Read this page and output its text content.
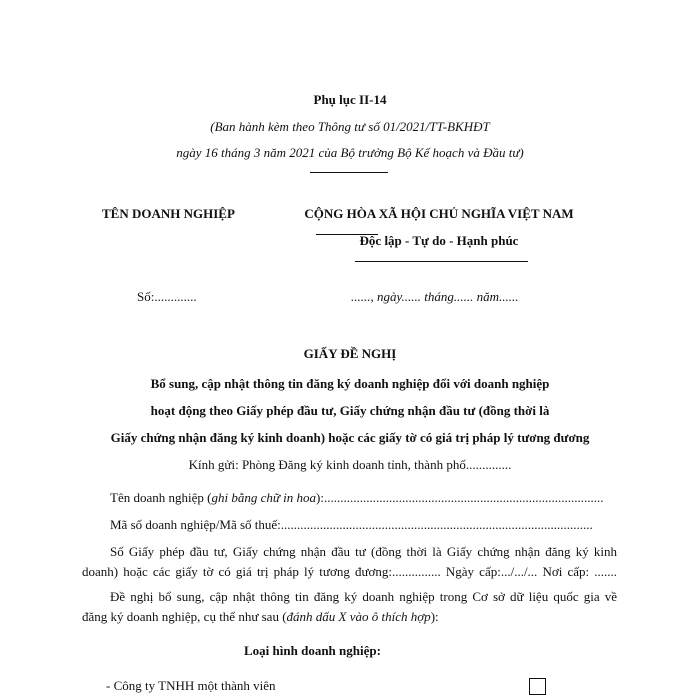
Phụ lục II-14
(Ban hành kèm theo Thông tư số 01/2021/TT-BKHĐT
ngày 16 tháng 3 năm 2021 của Bộ trưởng Bộ Kế hoạch và Đầu tư)
TÊN DOANH NGHIỆP	CỘNG HÒA XÃ HỘI CHỦ NGHĨA VIỆT NAM
Độc lập - Tự do - Hạnh phúc
Số:.............	......, ngày...... tháng...... năm......
GIẤY ĐỀ NGHỊ
Bổ sung, cập nhật thông tin đăng ký doanh nghiệp đối với doanh nghiệp
hoạt động theo Giấy phép đầu tư, Giấy chứng nhận đầu tư (đồng thời là
Giấy chứng nhận đăng ký kinh doanh) hoặc các giấy tờ có giá trị pháp lý tương đương
Kính gửi: Phòng Đăng ký kinh doanh tỉnh, thành phố..............
Tên doanh nghiệp (ghi bằng chữ in hoa):......................................................................................
Mã số doanh nghiệp/Mã số thuế:................................................................................................
Số Giấy phép đầu tư, Giấy chứng nhận đầu tư (đồng thời là Giấy chứng nhận đăng ký kinh
doanh) hoặc các giấy tờ có giá trị pháp lý tương đương:............... Ngày cấp:.../.../... Nơi cấp: .......
Đề nghị bổ sung, cập nhật thông tin đăng ký doanh nghiệp trong Cơ sở dữ liệu quốc gia về
đăng ký doanh nghiệp, cụ thể như sau (đánh dấu X vào ô thích hợp):
Loại hình doanh nghiệp:
- Công ty TNHH một thành viên
